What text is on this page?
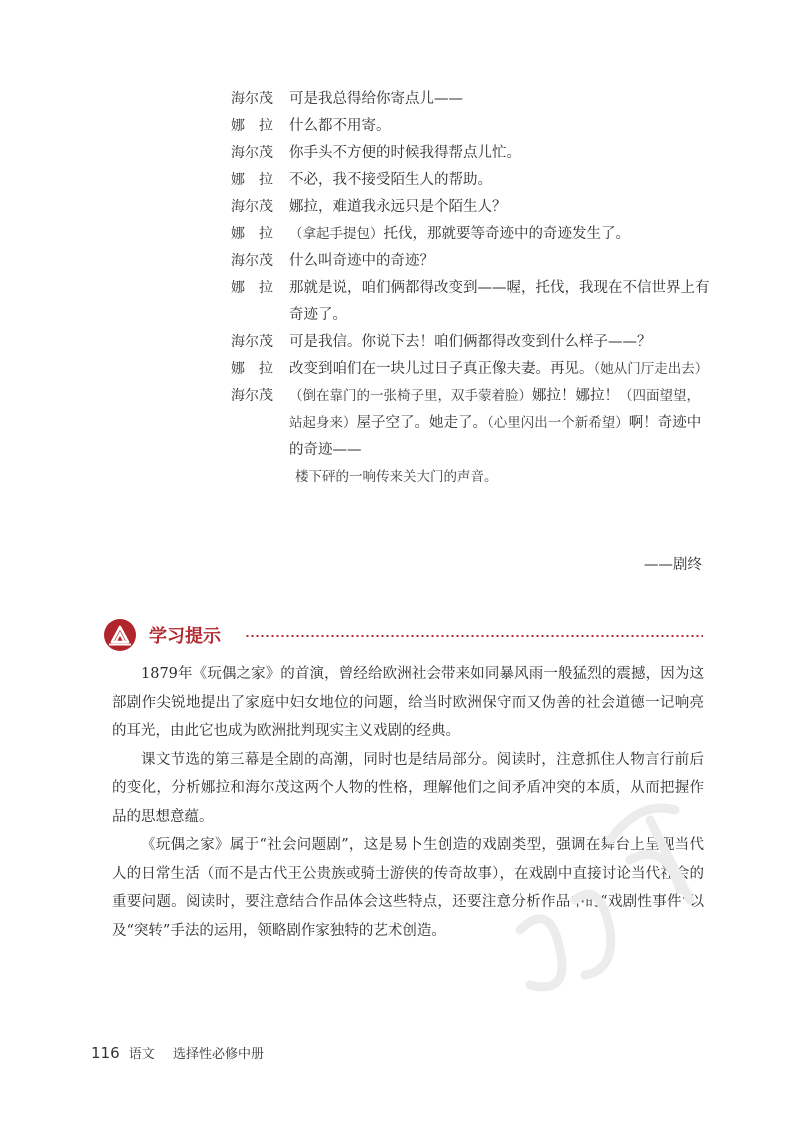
海尔茂	可是我总得给你寄点儿——
娜拉 什么都不用寄。
海尔茂	你手头不方便的时候我得帮点儿忙。
娜拉 不必，我不接受陌生人的帮助。
海尔茂	娜拉，难道我永远只是个陌生人？
娜拉 （拿起手提包）托伐，那就要等奇迹中的奇迹发生了。
海尔茂	什么叫奇迹中的奇迹？
娜拉 那就是说，咱们俩都得改变到——喔，托伐，我现在不信世界上有奇迹了。
海尔茂	可是我信。你说下去！咱们俩都得改变到什么样子——？
娜拉 改变到咱们在一块儿过日子真正像夫妻。再见。（她从门厅走出去）
海尔茂	（倒在靠门的一张椅子里，双手蒙着脸）娜拉！娜拉！（四面望望，站起身来）屋子空了。她走了。（心里闪出一个新希望）啊！奇迹中的奇迹——
楼下砰的一响传来关大门的声音。
——剧终
学习提示

1879年《玩偶之家》的首演，曾经给欧洲社会带来如同暴风雨一般猛烈的震撼，因为这部剧作尖锐地提出了家庭中妇女地位的问题，给当时欧洲保守而又伪善的社会道德一记响亮的耳光，由此它也成为欧洲批判现实主义戏剧的经典。

课文节选的第三幕是全剧的高潮，同时也是结局部分。阅读时，注意抓住人物言行前后的变化，分析娜拉和海尔茂这两个人物的性格，理解他们之间矛盾冲突的本质，从而把握作品的思想意蕴。

《玩偶之家》属于“社会问题剧”，这是易卜生创造的戏剧类型，强调在舞台上呈现当代人的日常生活（而不是古代王公贵族或骑士游侠的传奇故事），在戏剧中直接讨论当代社会的重要问题。阅读时，要注意结合作品体会这些特点，还要注意分析作品中的“戏剧性事件”以及“突转”手法的运用，领略剧作家独特的艺术创造。

116 语文 选择性必修中册
